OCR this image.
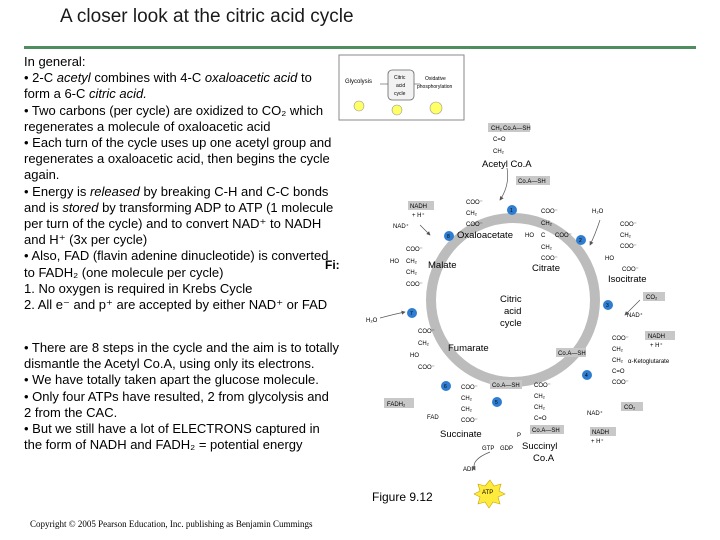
A closer look at the citric acid cycle
In general:
• 2-C acetyl combines with 4-C oxaloacetic acid to
form a 6-C citric acid.
• Two carbons (per cycle) are oxidized to CO₂ which
regenerates a molecule of oxaloacetic acid
• Each turn of the cycle uses up one acetyl group and
regenerates a oxaloacetic acid, then begins the cycle
again.
• Energy is released by breaking C-H and C-C bonds
and is stored by transforming ADP to ATP (1 molecule
per turn of the cycle) and to convert NAD⁺ to NADH
and H⁺ (3x per cycle)
• Also, FAD (flavin adenine dinucleotide) is converted
to FADH₂ (one molecule per cycle)
1. No oxygen is required in Krebs Cycle
2. All e⁻ and p⁺ are accepted by either NAD⁺ or FAD
Fi:
• There are 8 steps in the cycle and the aim is to totally
dismantle the Acetyl Co.A, using only its electrons.
• We have totally taken apart the glucose molecule.
• Only four ATPs have resulted, 2 from glycolysis and
2 from the CAC.
• But we still have a lot of ELECTRONS captured in
the form of NADH and FADH₂ = potential energy
Glycolysis
Citric
acid
cycle
Oxidative
phosphorylation
Citric
acid
cycle
CH₂ Co.A—SH
C=O
CH₂
Acetyl Co.A
Co.A—SH
COO⁻
CH₂
COO⁻
Oxaloacetate
1
8
COO⁻
CH₂
HO C COO⁻
CH₂
COO⁻
Citrate
2
H₂O
COO⁻
CH₂
COO⁻
HO
COO⁻
Isocitrate
CO₂
3
NAD⁺
NADH
+ H⁺
COO⁻
CH₂
CH₂
C=O
COO⁻
α-Ketoglutarate
4
Co.A—SH
CO₂
NAD⁺
NADH
+ H⁺
COO⁻
CH₂
CH₂
C=O
Co.A—SH
Succinyl
Co.A
5
Co.A—SH
COO⁻
CH₂
CH₂
COO⁻
Succinate	P
GTP GDP
ADP
ATP
COO⁻
CH₂
HO
COO⁻
Fumarate
6
FADH₂
FAD
NADH
+ H⁺
NAD⁺
COO⁻
HO CH₂
CH₂
COO⁻
Malate
7
H₂O
Figure 9.12
Copyright © 2005 Pearson Education, Inc. publishing as Benjamin Cummings
